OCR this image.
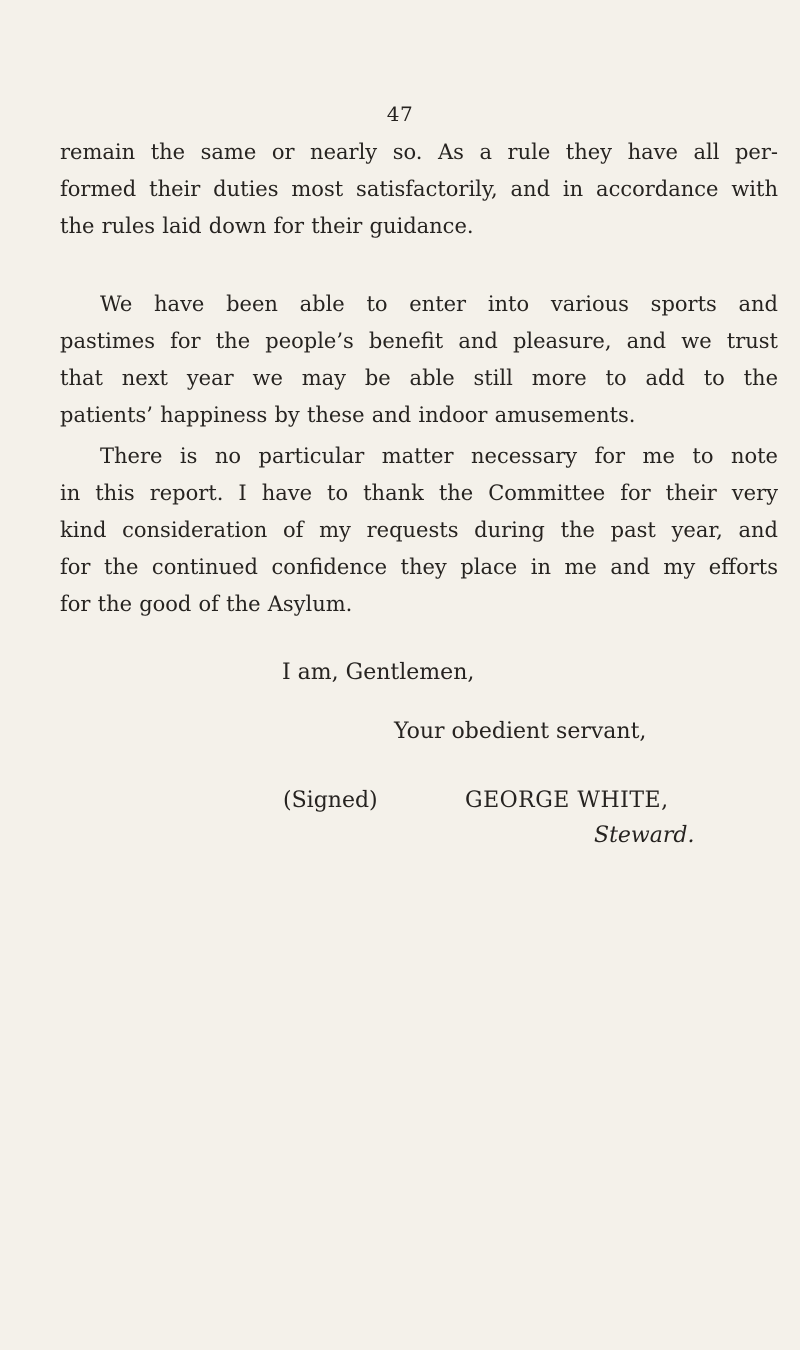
47

remain the same or nearly so. As a rule they have all per-
formed their duties most satisfactorily, and in accordance with
the rules laid down for their guidance.

We have been able to enter into various sports and
pastimes for the people’s benefit and pleasure, and we trust
that next year we may be able still more to add to the
patients’ happiness by these and indoor amusements.

There is no particular matter necessary for me to note
in this report. I have to thank the Committee for their very
kind consideration of my requests during the past year, and
for the continued confidence they place in me and my efforts
for the good of the Asylum.

I am, Gentlemen,
Your obedient servant,
(Signed)	GEORGE WHITE,
Steward.
